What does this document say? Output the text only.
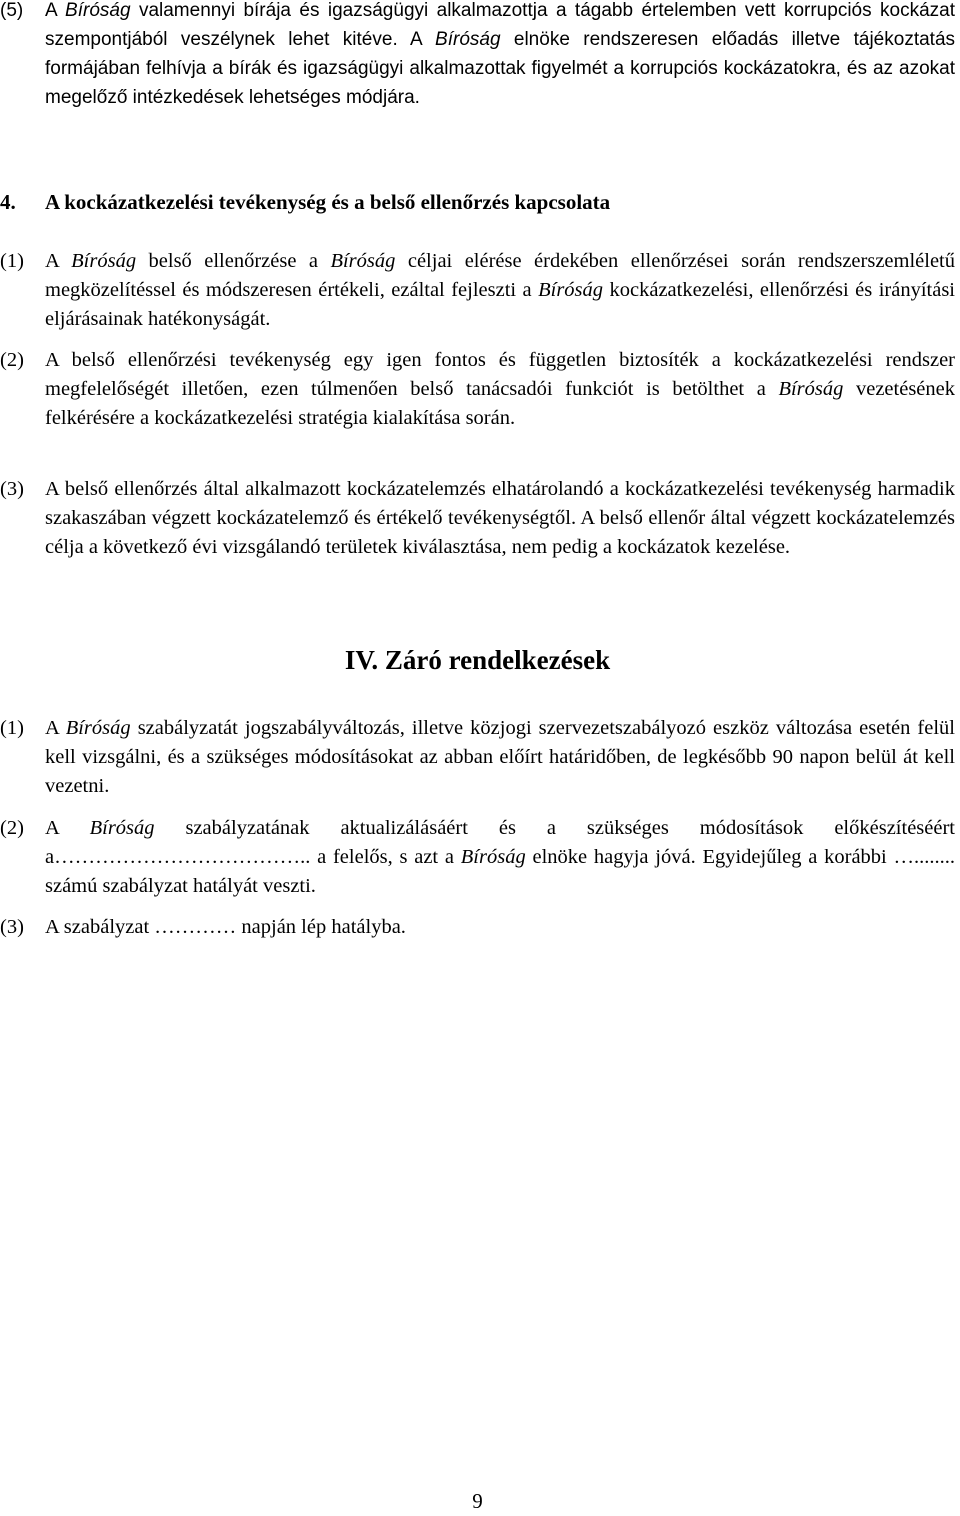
(5) A Bíróság valamennyi bírája és igazságügyi alkalmazottja a tágabb értelemben vett korrupciós kockázat szempontjából veszélynek lehet kitéve. A Bíróság elnöke rendszeresen előadás illetve tájékoztatás formájában felhívja a bírák és igazságügyi alkalmazottak figyelmét a korrupciós kockázatokra, és az azokat megelőző intézkedések lehetséges módjára.
4. A kockázatkezelési tevékenység és a belső ellenőrzés kapcsolata
(1) A Bíróság belső ellenőrzése a Bíróság céljai elérése érdekében ellenőrzései során rendszerszemléletű megközelítéssel és módszeresen értékeli, ezáltal fejleszti a Bíróság kockázatkezelési, ellenőrzési és irányítási eljárásainak hatékonyságát.
(2) A belső ellenőrzési tevékenység egy igen fontos és független biztosíték a kockázatkezelési rendszer megfelelőségét illetően, ezen túlmenően belső tanácsadói funkciót is betölthet a Bíróság vezetésének felkérésére a kockázatkezelési stratégia kialakítása során.
(3) A belső ellenőrzés által alkalmazott kockázatelemzés elhatárolandó a kockázatkezelési tevékenység harmadik szakaszában végzett kockázatelemző és értékelő tevékenységtől. A belső ellenőr által végzett kockázatelemzés célja a következő évi vizsgálandó területek kiválasztása, nem pedig a kockázatok kezelése.
IV. Záró rendelkezések
(1) A Bíróság szabályzatát jogszabályváltozás, illetve közjogi szervezetszabályozó eszköz változása esetén felül kell vizsgálni, és a szükséges módosításokat az abban előírt határidőben, de legkésőbb 90 napon belül át kell vezetni.
(2) A Bíróság szabályzatának aktualizálásáért és a szükséges módosítások előkészítéséért a……………………………….. a felelős, s azt a Bíróság elnöke hagyja jóvá. Egyidejűleg a korábbi …........ számú szabályzat hatályát veszti.
(3) A szabályzat ………… napján lép hatályba.
9
